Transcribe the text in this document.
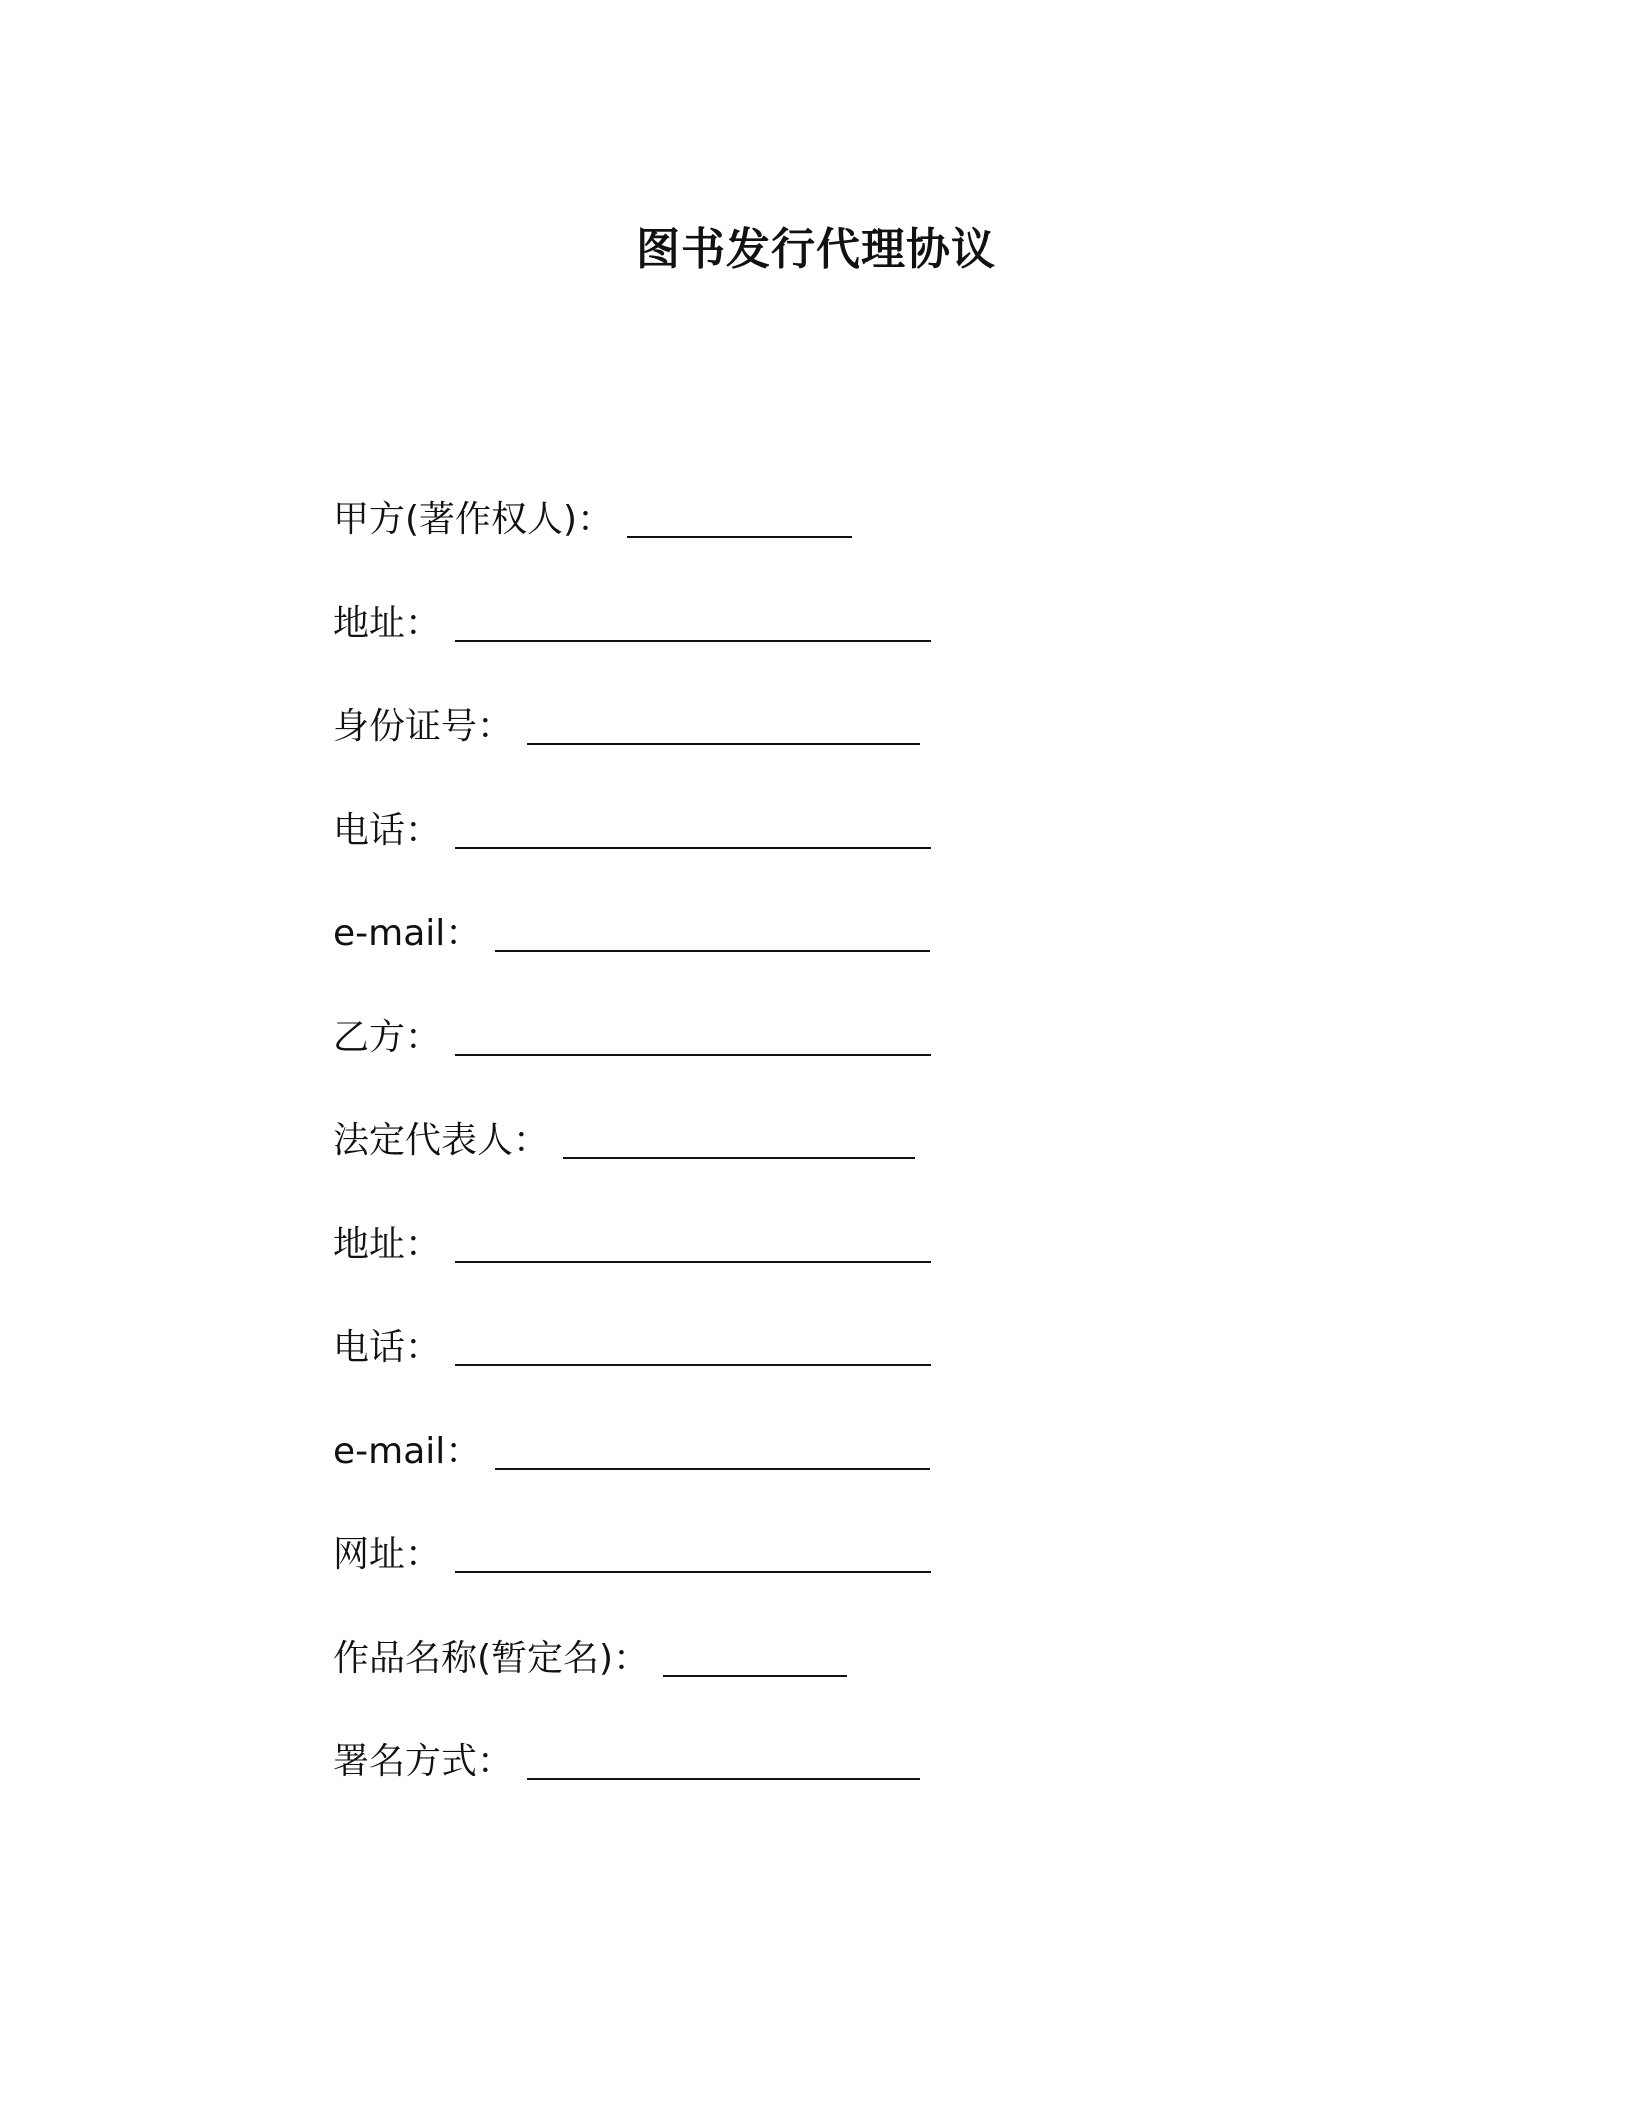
图书发行代理协议
甲方(著作权人)：
地址：
身份证号：
电话：
e-mail：
乙方：
法定代表人：
地址：
电话：
e-mail：
网址：
作品名称(暂定名)：
署名方式：
